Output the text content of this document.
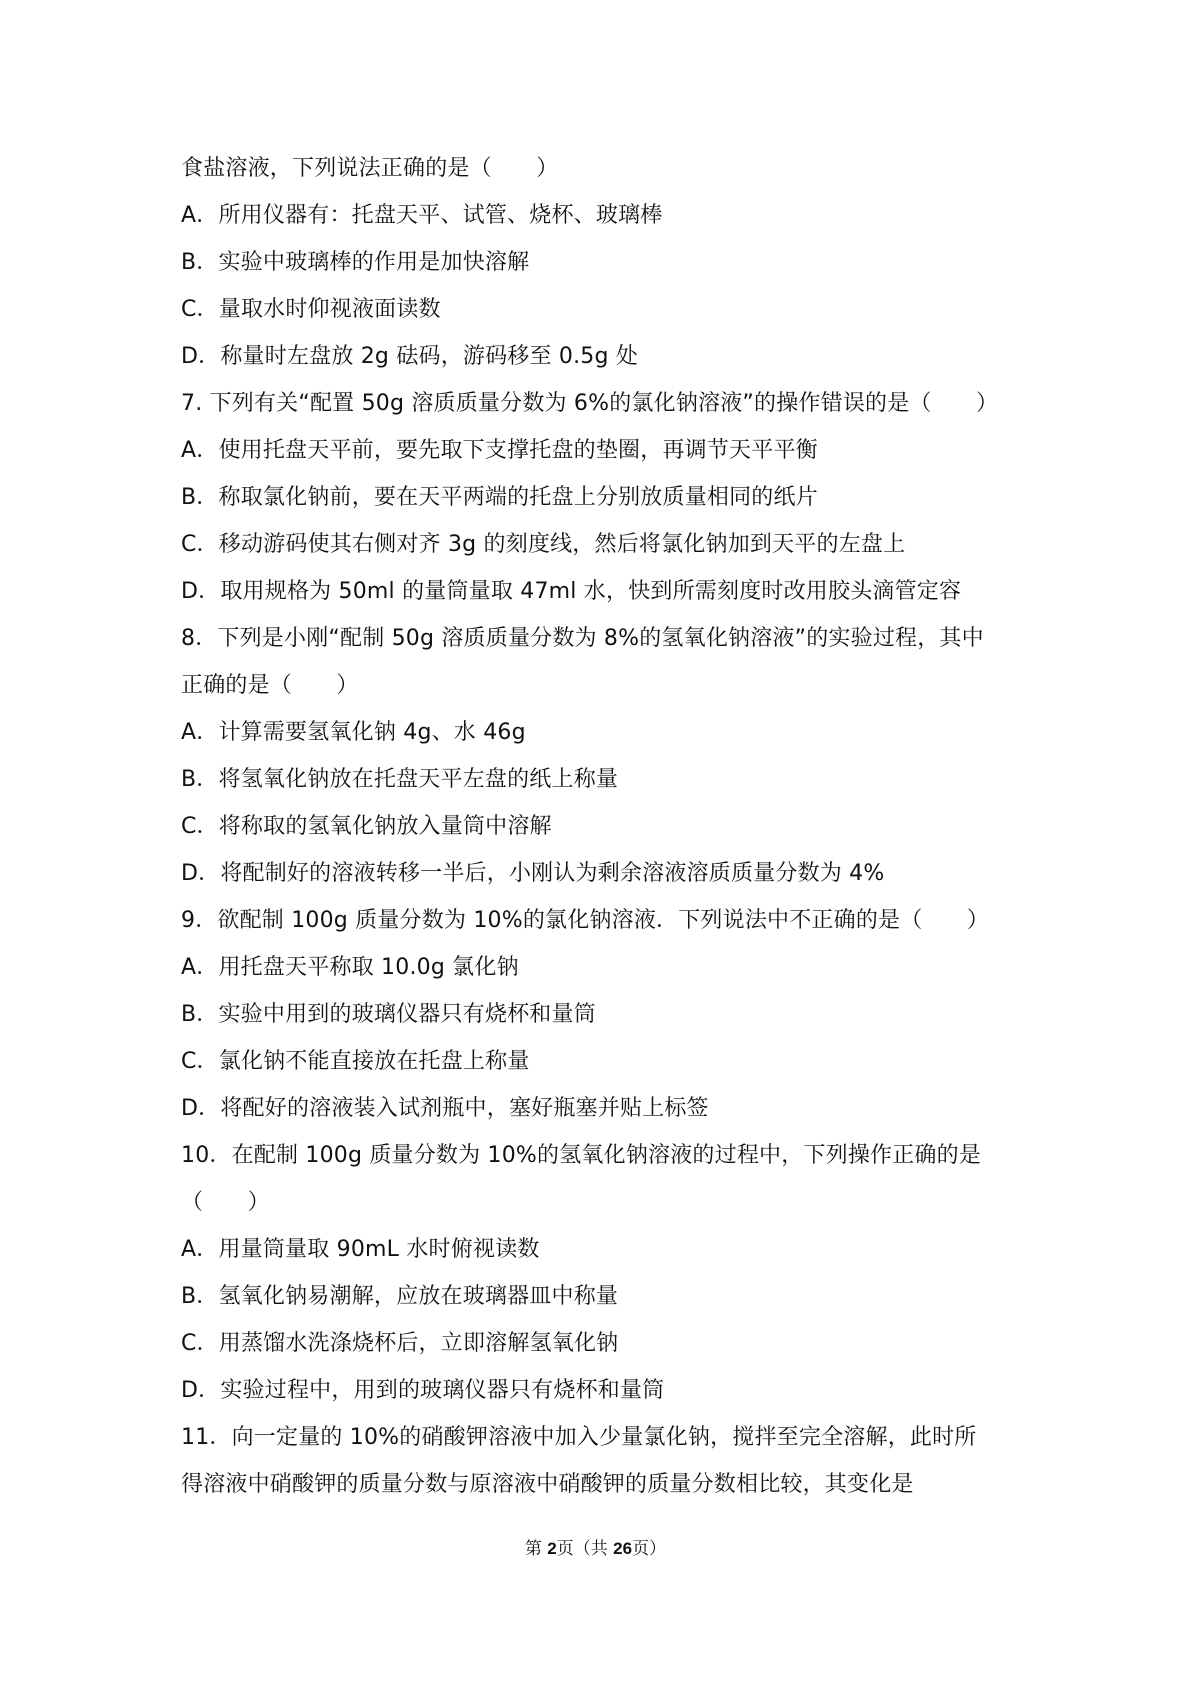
食盐溶液，下列说法正确的是（　　）
A．所用仪器有：托盘天平、试管、烧杯、玻璃棒
B．实验中玻璃棒的作用是加快溶解
C．量取水时仰视液面读数
D．称量时左盘放 2g 砝码，游码移至 0.5g 处
7. 下列有关“配置 50g 溶质质量分数为 6%的氯化钠溶液”的操作错误的是（　　）
A．使用托盘天平前，要先取下支撑托盘的垫圈，再调节天平平衡
B．称取氯化钠前，要在天平两端的托盘上分别放质量相同的纸片
C．移动游码使其右侧对齐 3g 的刻度线，然后将氯化钠加到天平的左盘上
D．取用规格为 50ml 的量筒量取 47ml 水，快到所需刻度时改用胶头滴管定容
8．下列是小刚“配制 50g 溶质质量分数为 8%的氢氧化钠溶液”的实验过程，其中
正确的是（　　）
A．计算需要氢氧化钠 4g、水 46g
B．将氢氧化钠放在托盘天平左盘的纸上称量
C．将称取的氢氧化钠放入量筒中溶解
D．将配制好的溶液转移一半后，小刚认为剩余溶液溶质质量分数为 4%
9．欲配制 100g 质量分数为 10%的氯化钠溶液．下列说法中不正确的是（　　）
A．用托盘天平称取 10.0g 氯化钠
B．实验中用到的玻璃仪器只有烧杯和量筒
C．氯化钠不能直接放在托盘上称量
D．将配好的溶液装入试剂瓶中，塞好瓶塞并贴上标签
10．在配制 100g 质量分数为 10%的氢氧化钠溶液的过程中，下列操作正确的是
（　　）
A．用量筒量取 90mL 水时俯视读数
B．氢氧化钠易潮解，应放在玻璃器皿中称量
C．用蒸馏水洗涤烧杯后，立即溶解氢氧化钠
D．实验过程中，用到的玻璃仪器只有烧杯和量筒
11．向一定量的 10%的硝酸钾溶液中加入少量氯化钠，搅拌至完全溶解，此时所
得溶液中硝酸钾的质量分数与原溶液中硝酸钾的质量分数相比较，其变化是
第 2页（共 26页）
